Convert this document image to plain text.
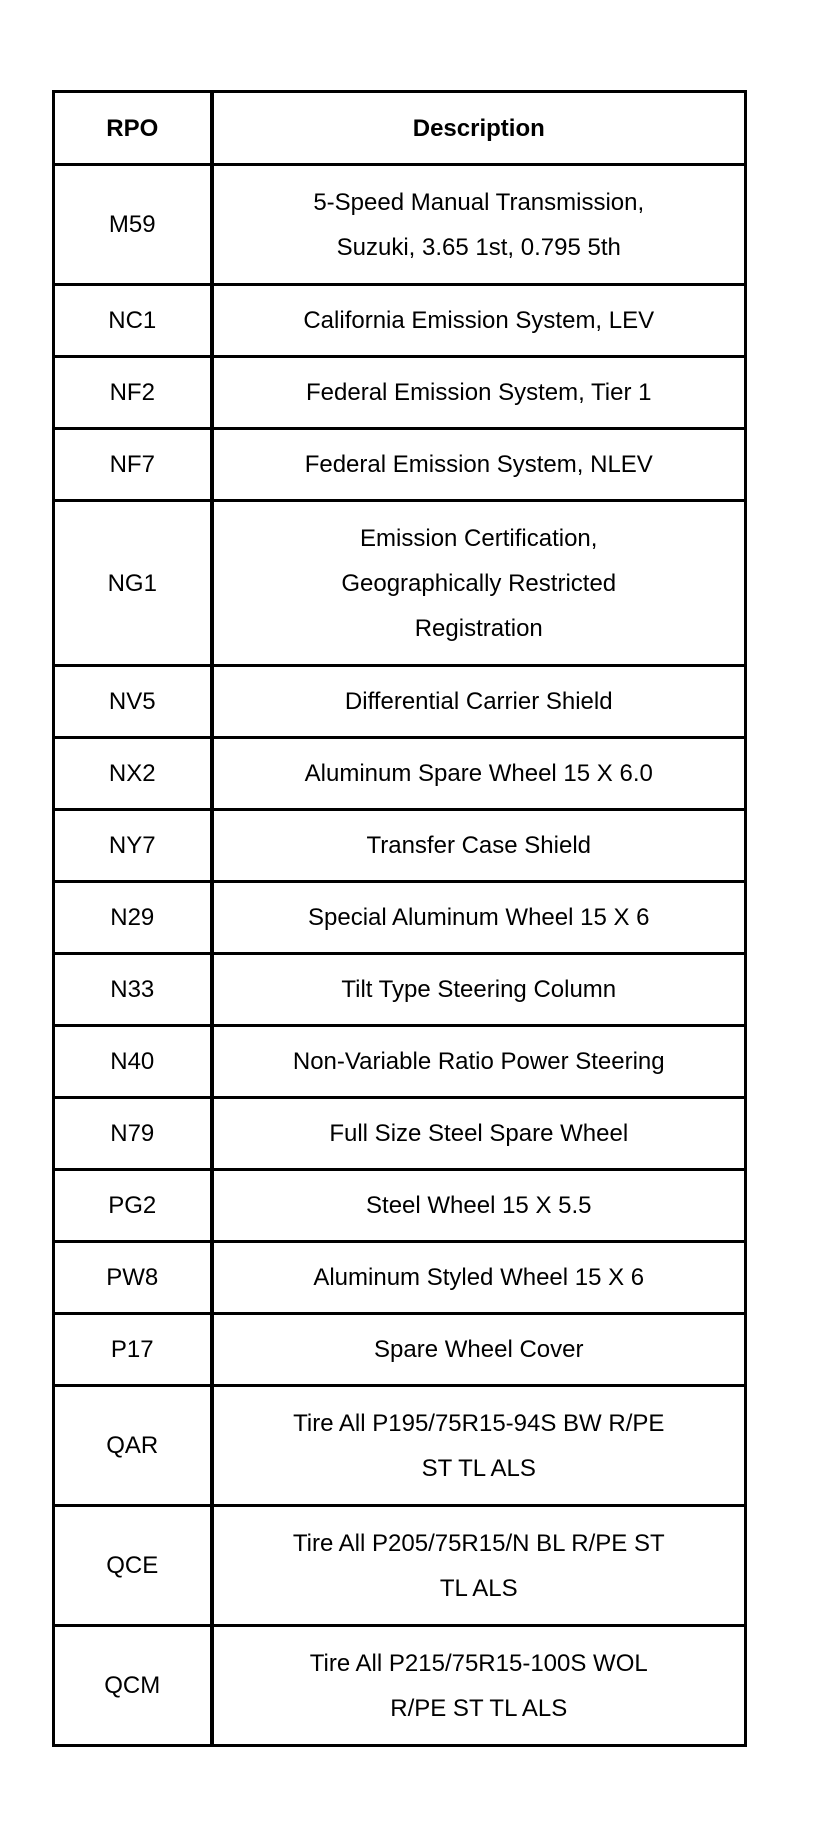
RPO	Description
M59	5-Speed Manual Transmission,
Suzuki, 3.65 1st, 0.795 5th

NC1	California Emission System, LEV

NF2	Federal Emission System, Tier 1

NF7	Federal Emission System, NLEV

NG1	Emission Certification,
Geographically Restricted
Registration

NV5	Differential Carrier Shield

NX2	Aluminum Spare Wheel 15 X 6.0

NY7	Transfer Case Shield

N29	Special Aluminum Wheel 15 X 6

N33	Tilt Type Steering Column

N40	Non-Variable Ratio Power Steering

N79	Full Size Steel Spare Wheel

PG2	Steel Wheel 15 X 5.5

PW8	Aluminum Styled Wheel 15 X 6

P17	Spare Wheel Cover

QAR	Tire All P195/75R15-94S BW R/PE
ST TL ALS

QCE	Tire All P205/75R15/N BL R/PE ST
TL ALS

QCM	Tire All P215/75R15-100S WOL
R/PE ST TL ALS
